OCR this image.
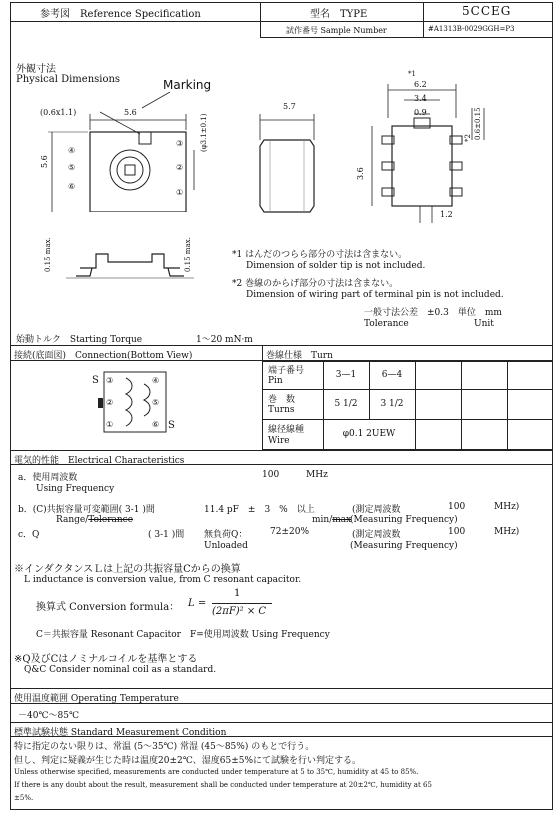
参考図　Reference Specification	型名　TYPE	5CCEG
試作番号 Sample Number	#A1313B-0029GGH=P3
外観寸法
Physical Dimensions	Marking
(0.6x1.1)	5.6
5.6
(φ3.1±0.1)
④
⑤
⑥
③
②
①
5.7
*1
6.2
3.4
0.9
*2 0.6±0.15
3.6
1.2
0.15 max.	0.15 max.	*1 はんだのつらら部分の寸法は含まない。
Dimension of solder tip is not included.
*2 巻線のからげ部分の寸法は含まない。
Dimension of wiring part of terminal pin is not included.
一般寸法公差　±0.3　単位　mm
Tolerance	Unit
始動トルク　Starting Torque	1～20 mN·m
接続(底面図)　Connection(Bottom View)	巻線仕様　Turn
S
S
③
②
①
④
⑤
⑥
端子番号
Pin
3—1	6—4
巻　数
Turns
5 1/2	3 1/2
線径線種
Wire
φ0.1 2UEW
電気的性能　Electrical Characteristics
a．使用周波数
Using Frequency
100	MHz
b．(C)共振容量可変範囲( 3-1 )間
Range/Tolerance
11.4 pF　±　3　%　以上
min/max
(測定周波数	100	MHz)
(Measuring Frequency)
c．Q	( 3-1 )間 無負荷Q：	72±20%
Unloaded
(測定周波数	100	MHz)
(Measuring Frequency)
※インダクタンスＬは上記の共振容量Cからの換算
L inductance is conversion value, from C resonant capacitor.
換算式 Conversion formula： L =
1
(2πF)² × C
C＝共振容量 Resonant Capacitor　F=使用周波数 Using Frequency
※Q及びCはノミナルコイルを基準とする
Q&C Consider nominal coil as a standard.
使用温度範囲 Operating Temperature
－40℃～85℃
標準試験状態 Standard Measurement Condition
特に指定のない限りは、常温 (5～35℃) 常湿 (45～85%) のもとで行う。
但し、判定に疑義が生じた時は温度20±2℃、湿度65±5%にて試験を行い判定する。
Unless otherwise specified, measurements are conducted under temperature at 5 to 35℃, humidity at 45 to 85%.
If there is any doubt about the result, measurement shall be conducted under temperature at 20±2℃, humidity at 65
±5%.
